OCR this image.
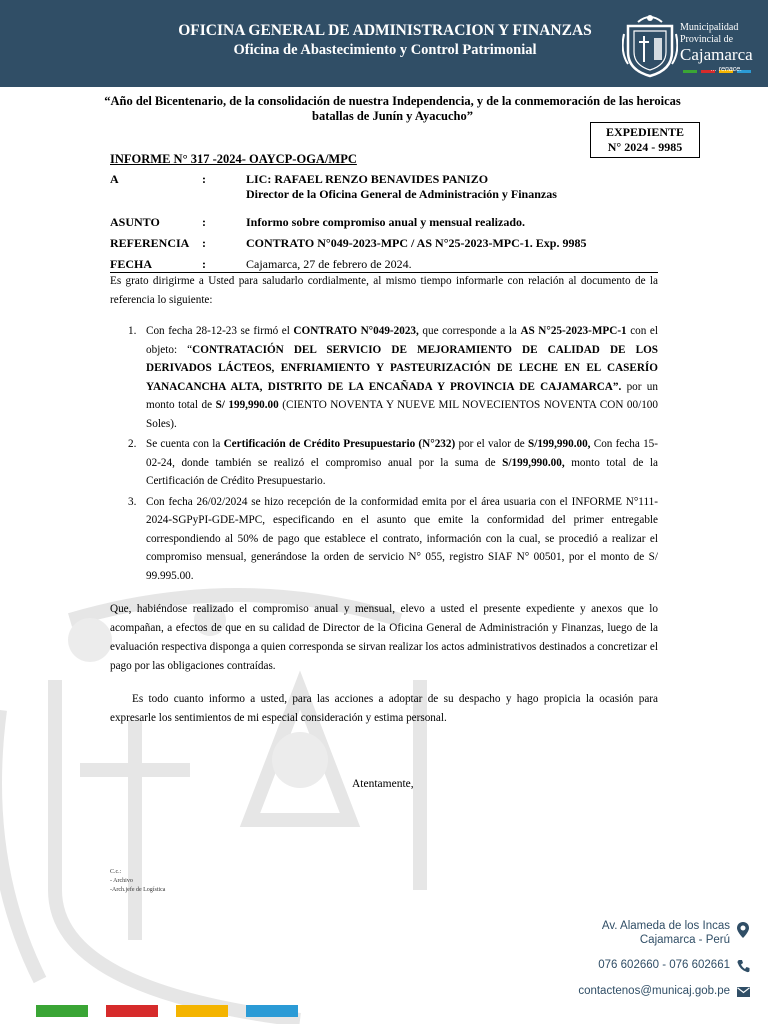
OFICINA GENERAL DE ADMINISTRACION Y FINANZAS
Oficina de Abastecimiento y Control Patrimonial
Municipalidad
Provincial de
Cajamarca
... renace.
“Año del Bicentenario, de la consolidación de nuestra Independencia, y de la conmemoración de las heroicas batallas de Junín y Ayacucho”
EXPEDIENTE
N° 2024 - 9985
INFORME N° 317 -2024- OAYCP-OGA/MPC
A	:	LIC: RAFAEL RENZO BENAVIDES PANIZO
Director de la Oficina General de Administración y Finanzas
ASUNTO	:	Informo sobre compromiso anual y mensual realizado.
REFERENCIA :	CONTRATO N°049-2023-MPC / AS N°25-2023-MPC-1. Exp. 9985
FECHA	:	Cajamarca, 27 de febrero de 2024.
Es grato dirigirme a Usted para saludarlo cordialmente, al mismo tiempo informarle con relación al documento de la referencia lo siguiente:
1. Con fecha 28-12-23 se firmó el CONTRATO N°049-2023, que corresponde a la AS N°25-2023-MPC-1 con el objeto: “CONTRATACIÓN DEL SERVICIO DE MEJORAMIENTO DE CALIDAD DE LOS DERIVADOS LÁCTEOS, ENFRIAMIENTO Y PASTEURIZACIÓN DE LECHE EN EL CASERÍO YANACANCHA ALTA, DISTRITO DE LA ENCAÑADA Y PROVINCIA DE CAJAMARCA”. por un monto total de S/ 199,990.00 (CIENTO NOVENTA Y NUEVE MIL NOVECIENTOS NOVENTA CON 00/100 Soles).
2. Se cuenta con la Certificación de Crédito Presupuestario (N°232) por el valor de S/199,990.00, Con fecha 15-02-24, donde también se realizó el compromiso anual por la suma de S/199,990.00, monto total de la Certificación de Crédito Presupuestario.
3. Con fecha 26/02/2024 se hizo recepción de la conformidad emita por el área usuaria con el INFORME N°111-2024-SGPyPI-GDE-MPC, especificando en el asunto que emite la conformidad del primer entregable correspondiendo al 50% de pago que establece el contrato, información con la cual, se procedió a realizar el compromiso mensual, generándose la orden de servicio N° 055, registro SIAF N° 00501, por el monto de S/ 99.995.00.
Que, habiéndose realizado el compromiso anual y mensual, elevo a usted el presente expediente y anexos que lo acompañan, a efectos de que en su calidad de Director de la Oficina General de Administración y Finanzas, luego de la evaluación respectiva disponga a quien corresponda se sirvan realizar los actos administrativos destinados a concretizar el pago por las obligaciones contraídas.
Es todo cuanto informo a usted, para las acciones a adoptar de su despacho y hago propicia la ocasión para expresarle los sentimientos de mi especial consideración y estima personal.
Atentamente,
C.c.:
- Archivo
-Arch.jefe de Logística
Av. Alameda de los Incas
Cajamarca - Perú
076 602660 - 076 602661
contactenos@municaj.gob.pe
